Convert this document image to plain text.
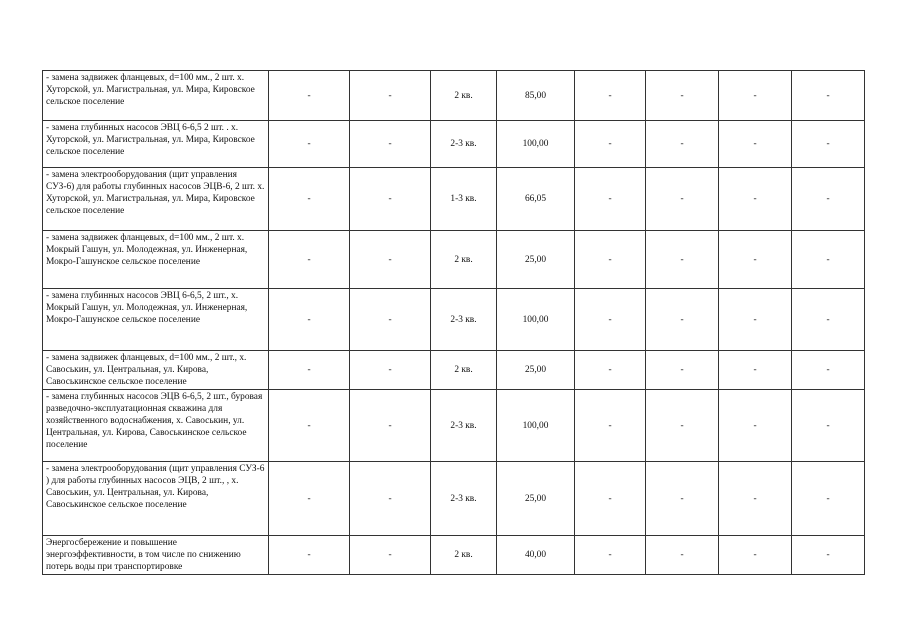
- замена задвижек фланцевых, d=100 мм., 2 шт. х. Хуторской, ул. Магистральная, ул. Мира, Кировское сельское поселение	-	-	2 кв.	85,00	-	-	-	-
- замена глубинных насосов ЭВЦ 6-6,5 2 шт. . х. Хуторской, ул. Магистральная, ул. Мира, Кировское сельское поселение	-	-	2-3 кв.	100,00	-	-	-	-
- замена электрооборудования (щит управления СУЗ-6) для работы глубинных насосов ЭЦВ-6, 2 шт. х. Хуторской, ул. Магистральная, ул. Мира, Кировское сельское поселение	-	-	1-3 кв.	66,05	-	-	-	-
- замена задвижек фланцевых, d=100 мм., 2 шт. х. Мокрый Гашун, ул. Молодежная, ул. Инженерная, Мокро-Гашунское сельское поселение	-	-	2 кв.	25,00	-	-	-	-
- замена глубинных насосов ЭВЦ 6-6,5, 2 шт., х. Мокрый Гашун, ул. Молодежная, ул. Инженерная, Мокро-Гашунское сельское поселение	-	-	2-3 кв.	100,00	-	-	-	-
- замена задвижек фланцевых, d=100 мм., 2 шт., х. Савоськин, ул. Центральная, ул. Кирова, Савоськинское сельское поселение	-	-	2 кв.	25,00	-	-	-	-
- замена глубинных насосов ЭЦВ 6-6,5, 2 шт., буровая разведочно-эксплуатационная скважина для хозяйственного водоснабжения, х. Савоськин, ул. Центральная, ул. Кирова, Савоськинское сельское поселение	-	-	2-3 кв.	100,00	-	-	-	-
- замена электрооборудования (щит управления СУЗ-6 ) для работы глубинных насосов ЭЦВ, 2 шт., , х. Савоськин, ул. Центральная, ул. Кирова, Савоськинское сельское поселение	-	-	2-3 кв.	25,00	-	-	-	-
Энергосбережение и повышение энергоэффективности, в том числе по снижению потерь воды при транспортировке	-	-	2 кв.	40,00	-	-	-	-
